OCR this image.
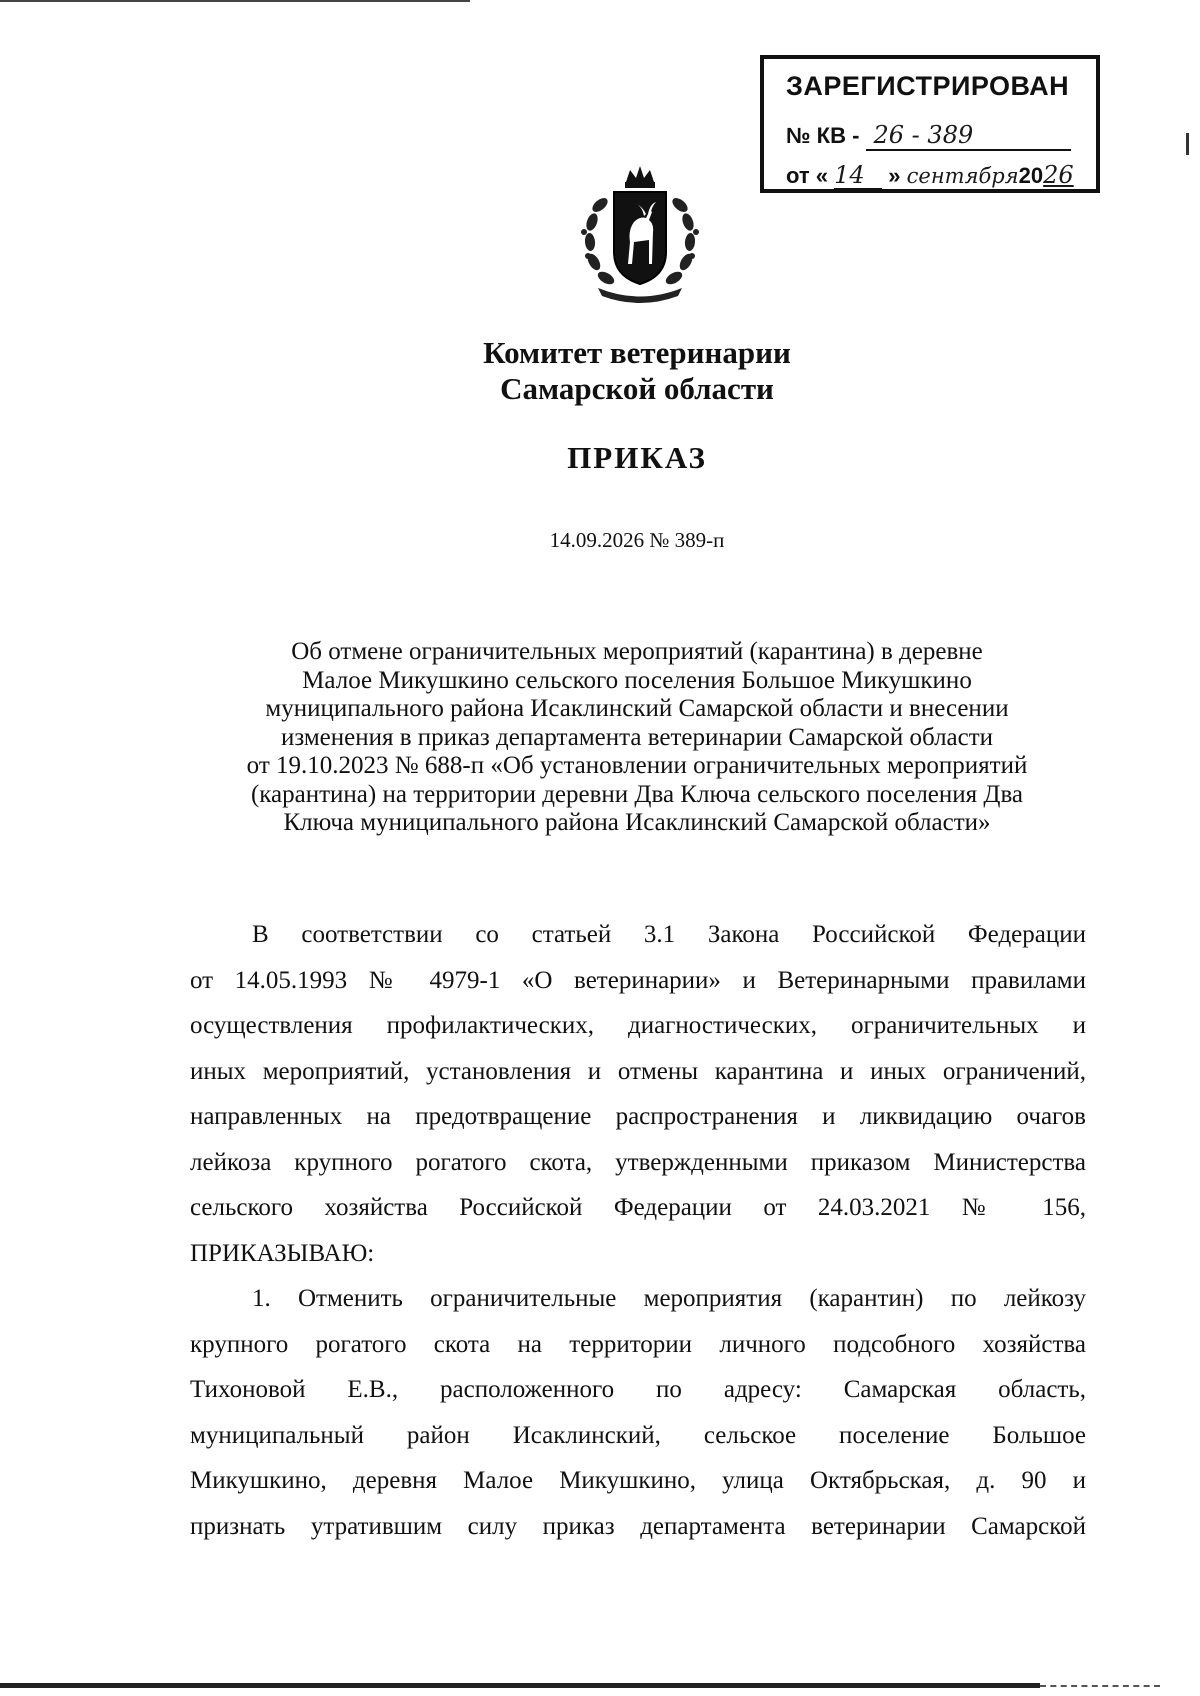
ЗАРЕГИСТРИРОВАН
№ КВ - 26 - 389
от « 14 » сентября
2026
Комитет ветеринарии
Самарской области
ПРИКАЗ
14.09.2026 № 389-п
Об отмене ограничительных мероприятий (карантина) в деревне
Малое Микушкино сельского поселения Большое Микушкино
муниципального района Исаклинский Самарской области и внесении
изменения в приказ департамента ветеринарии Самарской области
от 19.10.2023 № 688-п «Об установлении ограничительных мероприятий
(карантина) на территории деревни Два Ключа сельского поселения Два
Ключа муниципального района Исаклинский Самарской области»
В соответствии со статьей 3.1 Закона Российской Федерации
от 14.05.1993 № 4979-1 «О ветеринарии» и Ветеринарными правилами
осуществления профилактических, диагностических, ограничительных и
иных мероприятий, установления и отмены карантина и иных ограничений,
направленных на предотвращение распространения и ликвидацию очагов
лейкоза крупного рогатого скота, утвержденными приказом Министерства
сельского хозяйства Российской Федерации от 24.03.2021 № 156,
ПРИКАЗЫВАЮ:
1. Отменить ограничительные мероприятия (карантин) по лейкозу
крупного рогатого скота на территории личного подсобного хозяйства
Тихоновой Е.В., расположенного по адресу: Самарская область,
муниципальный район Исаклинский, сельское поселение Большое
Микушкино, деревня Малое Микушкино, улица Октябрьская, д. 90 и
признать утратившим силу приказ департамента ветеринарии Самарской
